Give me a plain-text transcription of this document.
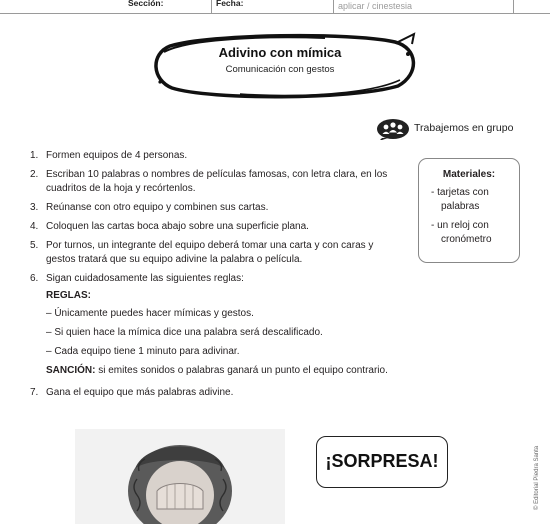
Sección:	Fecha:	aplicar / cinestesia
Adivino con mímica
Comunicación con gestos
Trabajemos en grupo
1. Formen equipos de 4 personas.
2. Escriban 10 palabras o nombres de películas famosas, con letra clara, en los cuadritos de la hoja y recórtenlos.
3. Reúnanse con otro equipo y combinen sus cartas.
4. Coloquen las cartas boca abajo sobre una superficie plana.
5. Por turnos, un integrante del equipo deberá tomar una carta y con caras y gestos tratará que su equipo adivine la palabra o película.
6. Sigan cuidadosamente las siguientes reglas:
REGLAS:
– Únicamente puedes hacer mímicas y gestos.
– Si quien hace la mímica dice una palabra será descalificado.
– Cada equipo tiene 1 minuto para adivinar.
SANCIÓN: si emites sonidos o palabras ganará un punto el equipo contrario.
7. Gana el equipo que más palabras adivine.
Materiales:
- tarjetas con palabras
- un reloj con cronómetro
¡SORPRESA!	© Editorial Piedra Santa
